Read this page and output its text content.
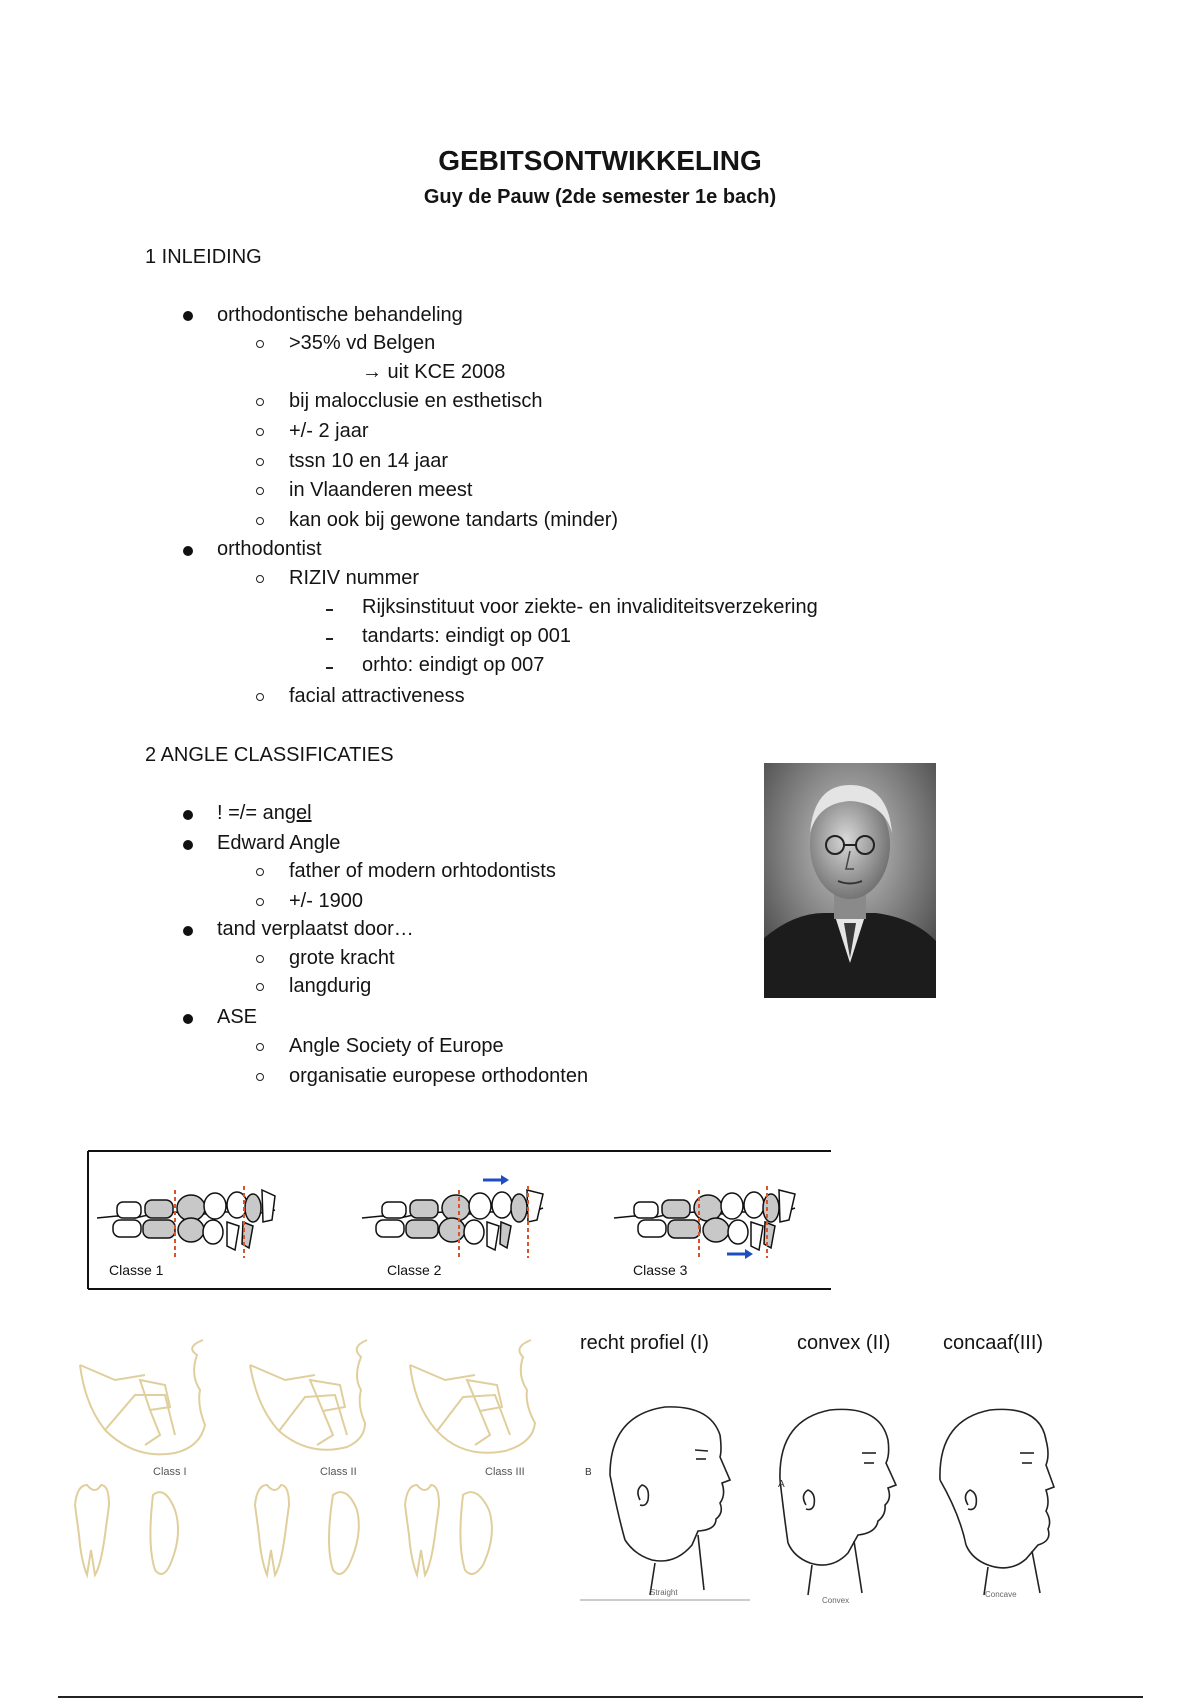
GEBITSONTWIKKELING
Guy de Pauw (2de semester 1e bach)
1 INLEIDING
orthodontische behandeling
>35% vd Belgen
→ uit KCE 2008
bij malocclusie en esthetisch
+/- 2 jaar
tssn 10 en 14 jaar
in Vlaanderen meest
kan ook bij gewone tandarts (minder)
orthodontist
RIZIV nummer
Rijksinstituut voor ziekte- en invaliditeitsverzekering
tandarts: eindigt op 001
orhto: eindigt op 007
facial attractiveness
2 ANGLE CLASSIFICATIES
! =/= angel
Edward Angle
father of modern orhtodontists
+/- 1900
tand verplaatst door…
grote kracht
langdurig
ASE
Angle Society of Europe
organisatie europese orthodonten
Classe 1	Classe 2	Classe 3
Class I	Class II	Class III
recht profiel (I)	convex (II)	concaaf(III)
B
A
Straight
Convex
Concave
